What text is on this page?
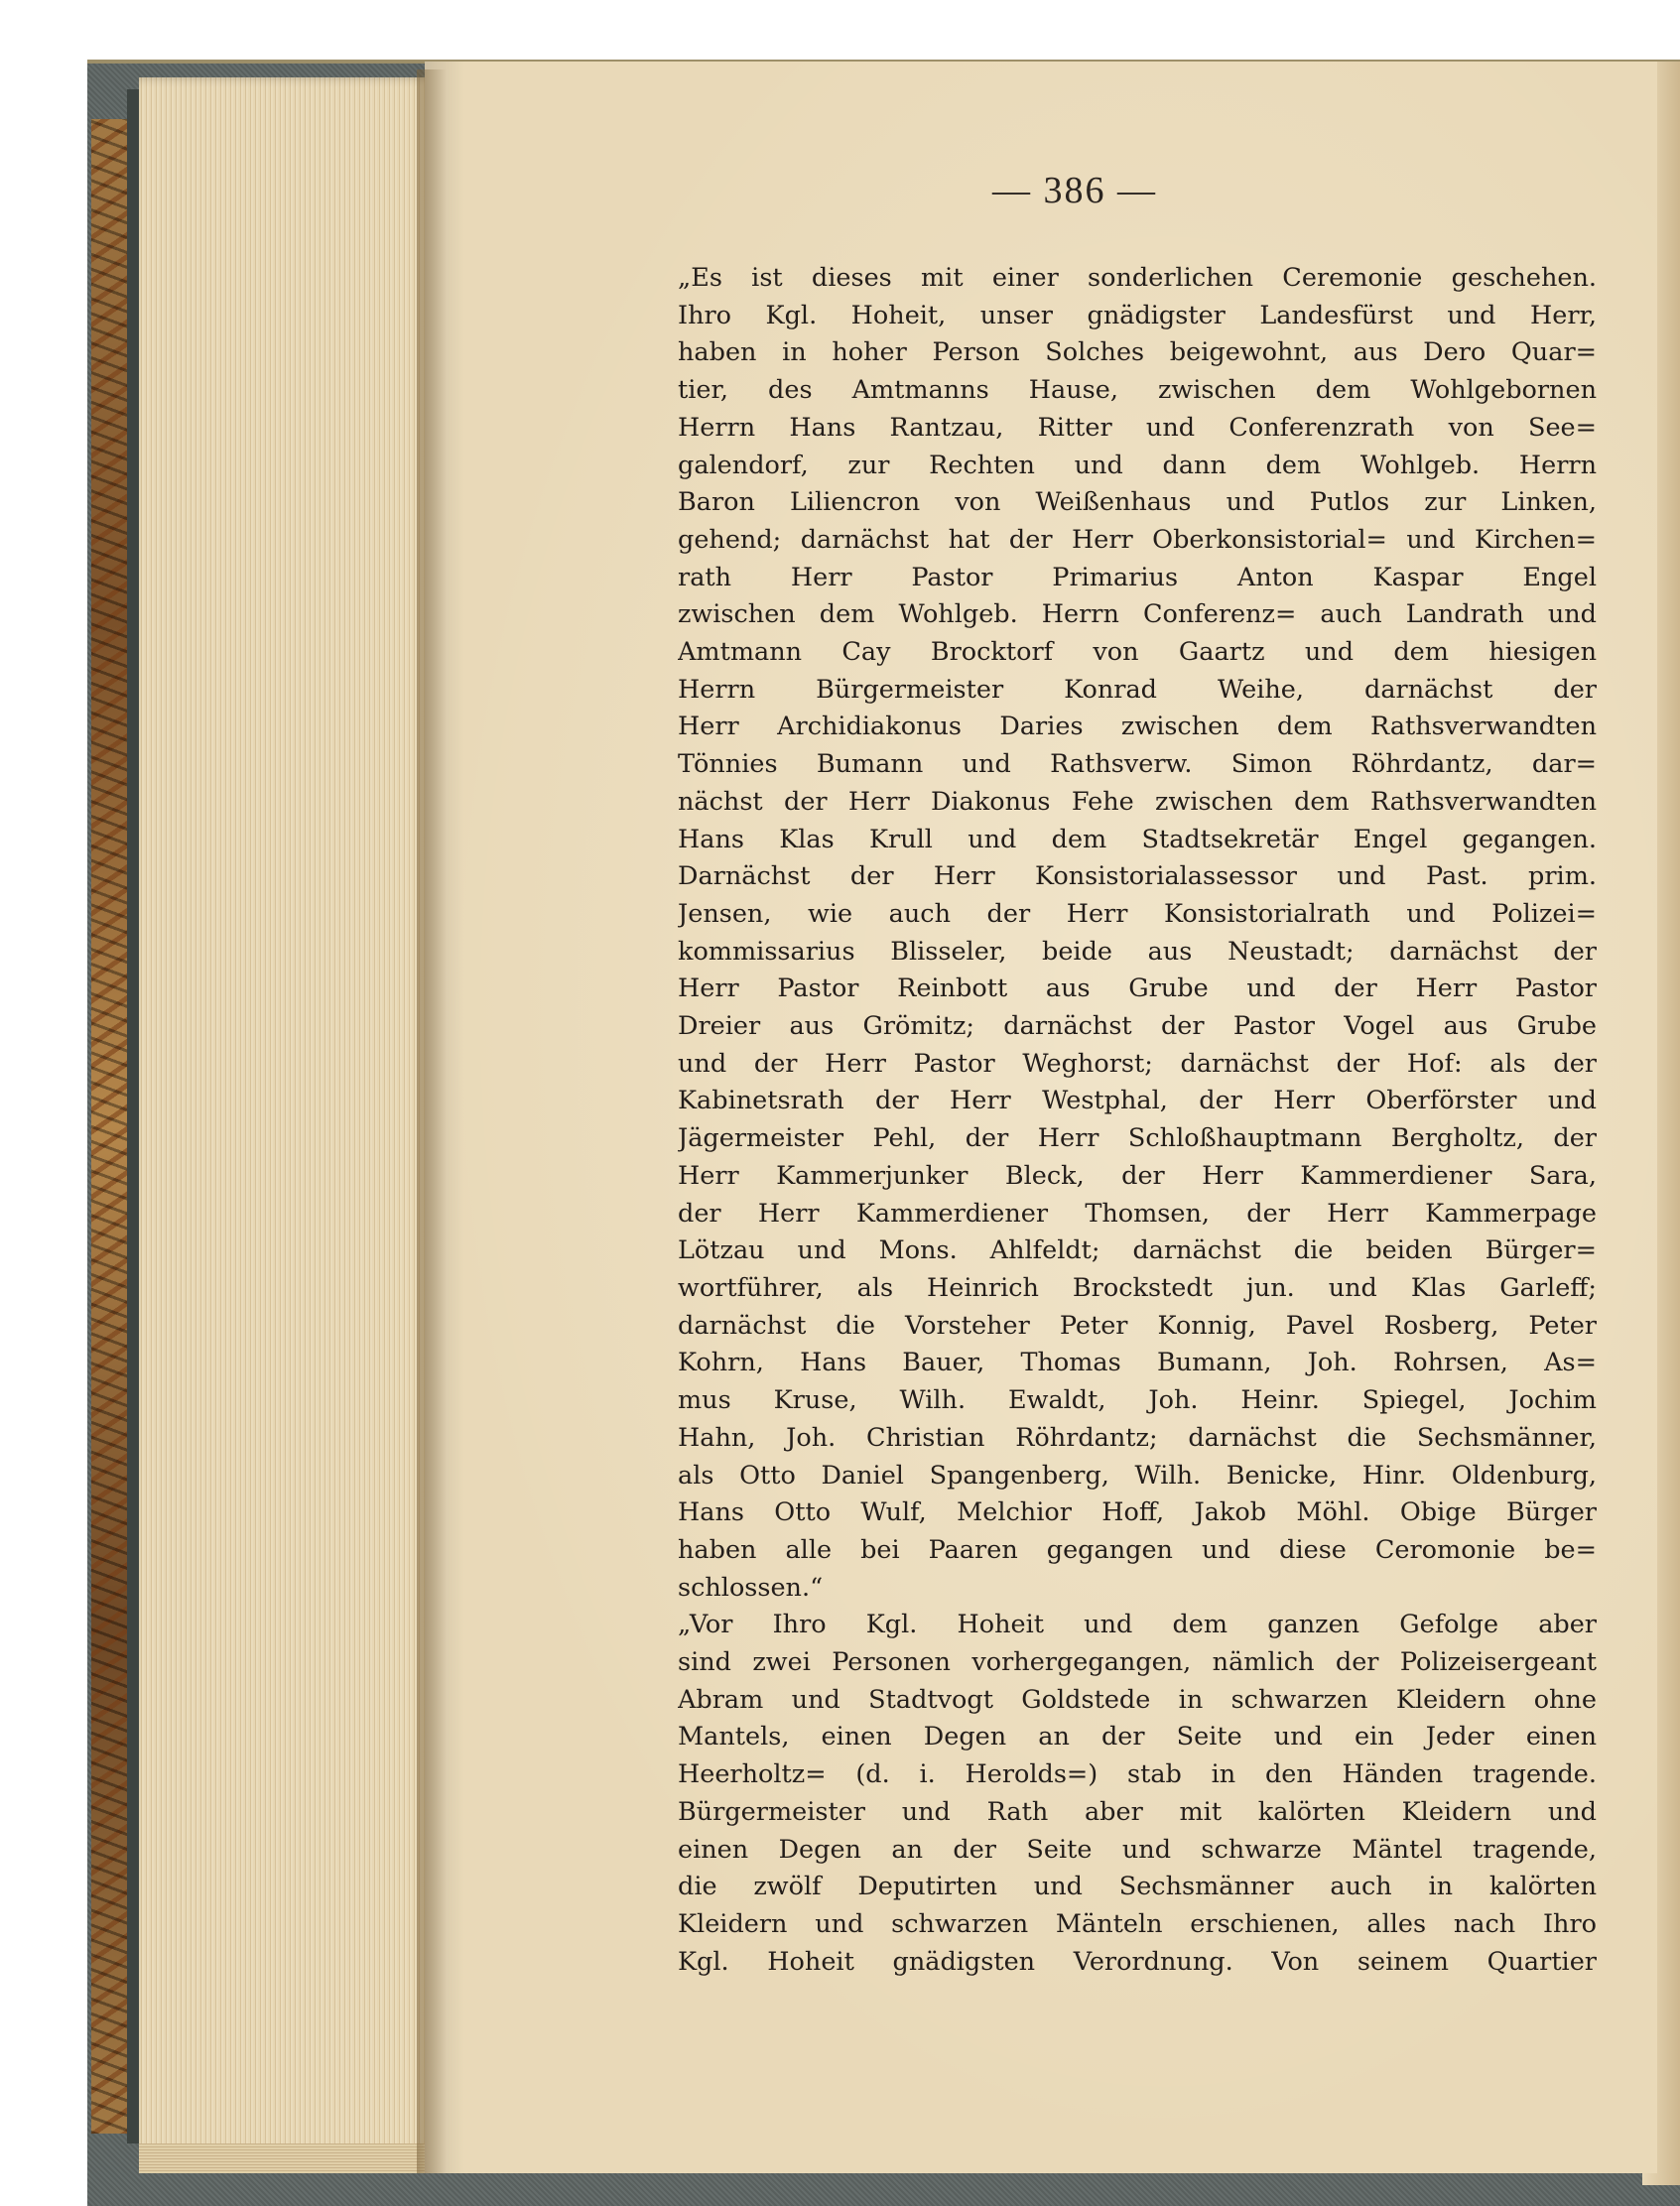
— 386 —
„Es ist dieses mit einer sonderlichen Ceremonie geschehen.
Ihro Kgl. Hoheit, unser gnädigster Landesfürst und Herr,
haben in hoher Person Solches beigewohnt, aus Dero Quar=
tier, des Amtmanns Hause, zwischen dem Wohlgebornen
Herrn Hans Rantzau, Ritter und Conferenzrath von See=
galendorf, zur Rechten und dann dem Wohlgeb. Herrn
Baron Liliencron von Weißenhaus und Putlos zur Linken,
gehend; darnächst hat der Herr Oberkonsistorial= und Kirchen=
rath Herr Pastor Primarius Anton Kaspar Engel
zwischen dem Wohlgeb. Herrn Conferenz= auch Landrath und
Amtmann Cay Brocktorf von Gaartz und dem hiesigen
Herrn Bürgermeister Konrad Weihe, darnächst der
Herr Archidiakonus Daries zwischen dem Rathsverwandten
Tönnies Bumann und Rathsverw. Simon Röhrdantz, dar=
nächst der Herr Diakonus Fehe zwischen dem Rathsverwandten
Hans Klas Krull und dem Stadtsekretär Engel gegangen.
Darnächst der Herr Konsistorialassessor und Past. prim.
Jensen, wie auch der Herr Konsistorialrath und Polizei=
kommissarius Blisseler, beide aus Neustadt; darnächst der
Herr Pastor Reinbott aus Grube und der Herr Pastor
Dreier aus Grömitz; darnächst der Pastor Vogel aus Grube
und der Herr Pastor Weghorst; darnächst der Hof: als der
Kabinetsrath der Herr Westphal, der Herr Oberförster und
Jägermeister Pehl, der Herr Schloßhauptmann Bergholtz, der
Herr Kammerjunker Bleck, der Herr Kammerdiener Sara,
der Herr Kammerdiener Thomsen, der Herr Kammerpage
Lötzau und Mons. Ahlfeldt; darnächst die beiden Bürger=
wortführer, als Heinrich Brockstedt jun. und Klas Garleff;
darnächst die Vorsteher Peter Konnig, Pavel Rosberg, Peter
Kohrn, Hans Bauer, Thomas Bumann, Joh. Rohrsen, As=
mus Kruse, Wilh. Ewaldt, Joh. Heinr. Spiegel, Jochim
Hahn, Joh. Christian Röhrdantz; darnächst die Sechsmänner,
als Otto Daniel Spangenberg, Wilh. Benicke, Hinr. Oldenburg,
Hans Otto Wulf, Melchior Hoff, Jakob Möhl. Obige Bürger
haben alle bei Paaren gegangen und diese Ceromonie be=
schlossen.“
„Vor Ihro Kgl. Hoheit und dem ganzen Gefolge aber
sind zwei Personen vorhergegangen, nämlich der Polizeisergeant
Abram und Stadtvogt Goldstede in schwarzen Kleidern ohne
Mantels, einen Degen an der Seite und ein Jeder einen
Heerholtz= (d. i. Herolds=) stab in den Händen tragende.
Bürgermeister und Rath aber mit kalörten Kleidern und
einen Degen an der Seite und schwarze Mäntel tragende,
die zwölf Deputirten und Sechsmänner auch in kalörten
Kleidern und schwarzen Mänteln erschienen, alles nach Ihro
Kgl. Hoheit gnädigsten Verordnung. Von seinem Quartier
